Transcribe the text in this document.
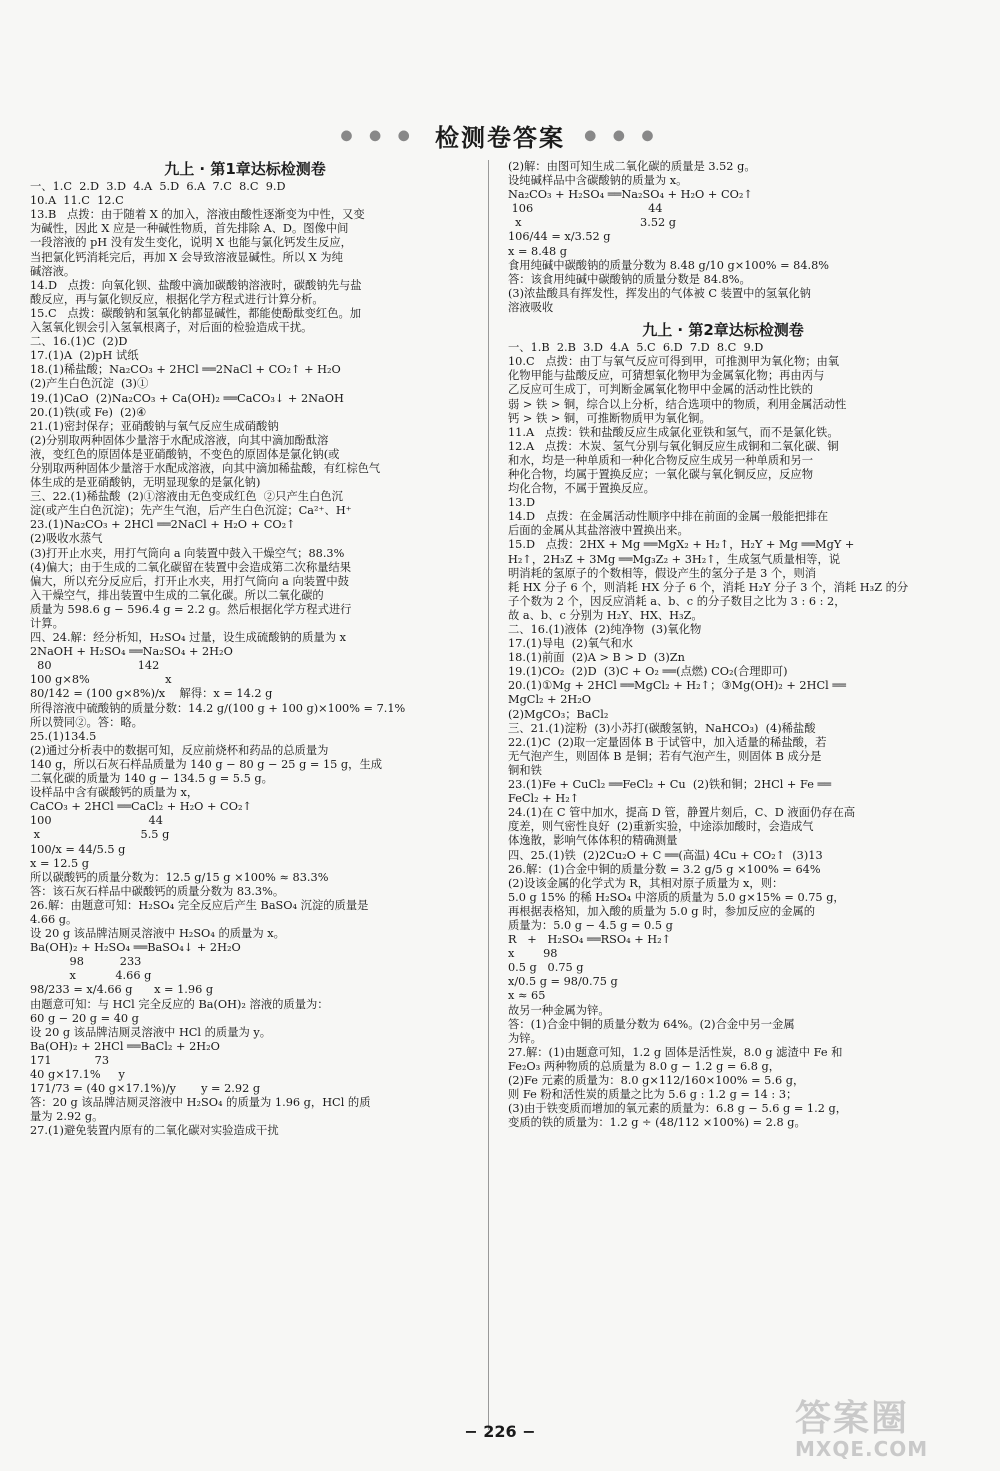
● ● ● 检测卷答案 ● ● ●
九上 · 第1章达标检测卷
一、1.C  2.D  3.D  4.A  5.D  6.A  7.C  8.C  9.D
10.A  11.C  12.C
13.B   点拨：由于随着 X 的加入，溶液由酸性逐渐变为中性，又变
为碱性，因此 X 应是一种碱性物质，首先排除 A、D。图像中间
一段溶液的 pH 没有发生变化，说明 X 也能与氯化钙发生反应，
当把氯化钙消耗完后，再加 X 会导致溶液显碱性。所以 X 为纯
碱溶液。
14.D   点拨：向氧化钡、盐酸中滴加碳酸钠溶液时，碳酸钠先与盐
酸反应，再与氯化钡反应，根据化学方程式进行计算分析。
15.C   点拨：碳酸钠和氢氧化钠都显碱性，都能使酚酞变红色。加
入氢氧化钡会引入氢氧根离子，对后面的检验造成干扰。
二、16.(1)C  (2)D
17.(1)A  (2)pH 试纸
18.(1)稀盐酸；Na₂CO₃ + 2HCl ══2NaCl + CO₂↑ + H₂O
(2)产生白色沉淀  (3)①
19.(1)CaO  (2)Na₂CO₃ + Ca(OH)₂ ══CaCO₃↓ + 2NaOH
20.(1)铁(或 Fe)  (2)④
21.(1)密封保存；亚硝酸钠与氧气反应生成硝酸钠
(2)分别取两种固体少量溶于水配成溶液，向其中滴加酚酞溶
液，变红色的原固体是亚硝酸钠，不变色的原固体是氯化钠(或
分别取两种固体少量溶于水配成溶液，向其中滴加稀盐酸，有红棕色气
体生成的是亚硝酸钠，无明显现象的是氯化钠)
三、22.(1)稀盐酸  (2)①溶液由无色变成红色  ②只产生白色沉
淀(或产生白色沉淀)；先产生气泡，后产生白色沉淀；Ca²⁺、H⁺
23.(1)Na₂CO₃ + 2HCl ══2NaCl + H₂O + CO₂↑
(2)吸收水蒸气
(3)打开止水夹，用打气筒向 a 向装置中鼓入干燥空气；88.3%
(4)偏大；由于生成的二氧化碳留在装置中会造成第二次称量结果
偏大，所以充分反应后，打开止水夹，用打气筒向 a 向装置中鼓
入干燥空气，排出装置中生成的二氧化碳。所以二氧化碳的
质量为 598.6 g − 596.4 g = 2.2 g。然后根据化学方程式进行
计算。
四、24.解：经分析知，H₂SO₄ 过量，设生成硫酸钠的质量为 x
2NaOH + H₂SO₄ ══Na₂SO₄ + 2H₂O
80                        142
100 g×8%                     x
80/142 = (100 g×8%)/x    解得：x = 14.2 g
所得溶液中硫酸钠的质量分数：14.2 g/(100 g + 100 g)×100% = 7.1%
所以赞同②。答：略。
25.(1)134.5
(2)通过分析表中的数据可知，反应前烧杯和药品的总质量为
140 g，所以石灰石样品质量为 140 g − 80 g − 25 g = 15 g，生成
二氧化碳的质量为 140 g − 134.5 g = 5.5 g。
设样品中含有碳酸钙的质量为 x，
CaCO₃ + 2HCl ══CaCl₂ + H₂O + CO₂↑
100                           44
x                            5.5 g
100/x = 44/5.5 g
x = 12.5 g
所以碳酸钙的质量分数为：12.5 g/15 g ×100% ≈ 83.3%
答：该石灰石样品中碳酸钙的质量分数为 83.3%。
26.解：由题意可知：H₂SO₄ 完全反应后产生 BaSO₄ 沉淀的质量是
4.66 g。
设 20 g 该品牌洁厕灵溶液中 H₂SO₄ 的质量为 x。
Ba(OH)₂ + H₂SO₄ ══BaSO₄↓ + 2H₂O
98          233
x           4.66 g
98/233 = x/4.66 g      x = 1.96 g
由题意可知：与 HCl 完全反应的 Ba(OH)₂ 溶液的质量为：
60 g − 20 g = 40 g
设 20 g 该品牌洁厕灵溶液中 HCl 的质量为 y。
Ba(OH)₂ + 2HCl ══BaCl₂ + 2H₂O
171            73
40 g×17.1%     y
171/73 = (40 g×17.1%)/y       y = 2.92 g
答：20 g 该品牌洁厕灵溶液中 H₂SO₄ 的质量为 1.96 g，HCl 的质
量为 2.92 g。
27.(1)避免装置内原有的二氧化碳对实验造成干扰
(2)解：由图可知生成二氧化碳的质量是 3.52 g。
设纯碱样品中含碳酸钠的质量为 x。
Na₂CO₃ + H₂SO₄ ══Na₂SO₄ + H₂O + CO₂↑
106                                44
x                                 3.52 g
106/44 = x/3.52 g
x = 8.48 g
食用纯碱中碳酸钠的质量分数为 8.48 g/10 g×100% = 84.8%
答：该食用纯碱中碳酸钠的质量分数是 84.8%。
(3)浓盐酸具有挥发性，挥发出的气体被 C 装置中的氢氧化钠
溶液吸收
九上 · 第2章达标检测卷
一、1.B  2.B  3.D  4.A  5.C  6.D  7.D  8.C  9.D
10.C   点拨：由丁与氧气反应可得到甲，可推测甲为氧化物；由氧
化物甲能与盐酸反应，可猜想氧化物甲为金属氧化物；再由丙与
乙反应可生成丁，可判断金属氧化物甲中金属的活动性比铁的
弱 > 铁 > 铜，综合以上分析，结合选项中的物质，利用金属活动性
钙 > 铁 > 铜，可推断物质甲为氧化铜。
11.A   点拨：铁和盐酸反应生成氯化亚铁和氢气，而不是氯化铁。
12.A   点拨：木炭、氢气分别与氧化铜反应生成铜和二氧化碳、铜
和水，均是一种单质和一种化合物反应生成另一种单质和另一
种化合物，均属于置换反应；一氧化碳与氧化铜反应，反应物
均化合物，不属于置换反应。
13.D
14.D   点拨：在金属活动性顺序中排在前面的金属一般能把排在
后面的金属从其盐溶液中置换出来。
15.D   点拨：2HX + Mg ══MgX₂ + H₂↑，H₂Y + Mg ══MgY +
H₂↑，2H₃Z + 3Mg ══Mg₃Z₂ + 3H₂↑，生成氢气质量相等，说
明消耗的氢原子的个数相等，假设产生的氢分子是 3 个，则消
耗 HX 分子 6 个，则消耗 HX 分子 6 个，消耗 H₂Y 分子 3 个，消耗 H₃Z 的分
子个数为 2 个，因反应消耗 a、b、c 的分子数目之比为 3 : 6 : 2，
故 a、b、c 分别为 H₂Y、HX、H₃Z。
二、16.(1)液体  (2)纯净物  (3)氧化物
17.(1)导电  (2)氧气和水
18.(1)前面  (2)A > B > D  (3)Zn
19.(1)CO₂  (2)D  (3)C + O₂ ══(点燃) CO₂(合理即可)
20.(1)①Mg + 2HCl ══MgCl₂ + H₂↑；③Mg(OH)₂ + 2HCl ══
MgCl₂ + 2H₂O
(2)MgCO₃；BaCl₂
三、21.(1)淀粉  (3)小苏打(碳酸氢钠，NaHCO₃)  (4)稀盐酸
22.(1)C  (2)取一定量固体 B 于试管中，加入适量的稀盐酸，若
无气泡产生，则固体 B 是铜；若有气泡产生，则固体 B 成分是
铜和铁
23.(1)Fe + CuCl₂ ══FeCl₂ + Cu  (2)铁和铜；2HCl + Fe ══
FeCl₂ + H₂↑
24.(1)在 C 管中加水，提高 D 管，静置片刻后，C、D 液面仍存在高
度差，则气密性良好  (2)重新实验，中途添加酸时，会造成气
体逸散，影响气体体积的精确测量
四、25.(1)铁  (2)2Cu₂O + C ══(高温) 4Cu + CO₂↑  (3)13
26.解：(1)合金中铜的质量分数 = 3.2 g/5 g ×100% = 64%
(2)设该金属的化学式为 R，其相对原子质量为 x，则：
5.0 g 15% 的稀 H₂SO₄ 中溶质的质量为 5.0 g×15% = 0.75 g，
再根据表格知，加入酸的质量为 5.0 g 时，参加反应的金属的
质量为：5.0 g − 4.5 g = 0.5 g
R   +   H₂SO₄ ══RSO₄ + H₂↑
x        98
0.5 g   0.75 g
x/0.5 g = 98/0.75 g
x ≈ 65
故另一种金属为锌。
答：(1)合金中铜的质量分数为 64%。(2)合金中另一金属
为锌。
27.解：(1)由题意可知，1.2 g 固体是活性炭，8.0 g 滤渣中 Fe 和
Fe₂O₃ 两种物质的总质量为 8.0 g − 1.2 g = 6.8 g，
(2)Fe 元素的质量为：8.0 g×112/160×100% = 5.6 g，
则 Fe 粉和活性炭的质量之比为 5.6 g : 1.2 g = 14 : 3；
(3)由于铁变质而增加的氧元素的质量为：6.8 g − 5.6 g = 1.2 g，
变质的铁的质量为：1.2 g ÷ (48/112 ×100%) = 2.8 g。
− 226 −	答案圈
MXQE.COM
